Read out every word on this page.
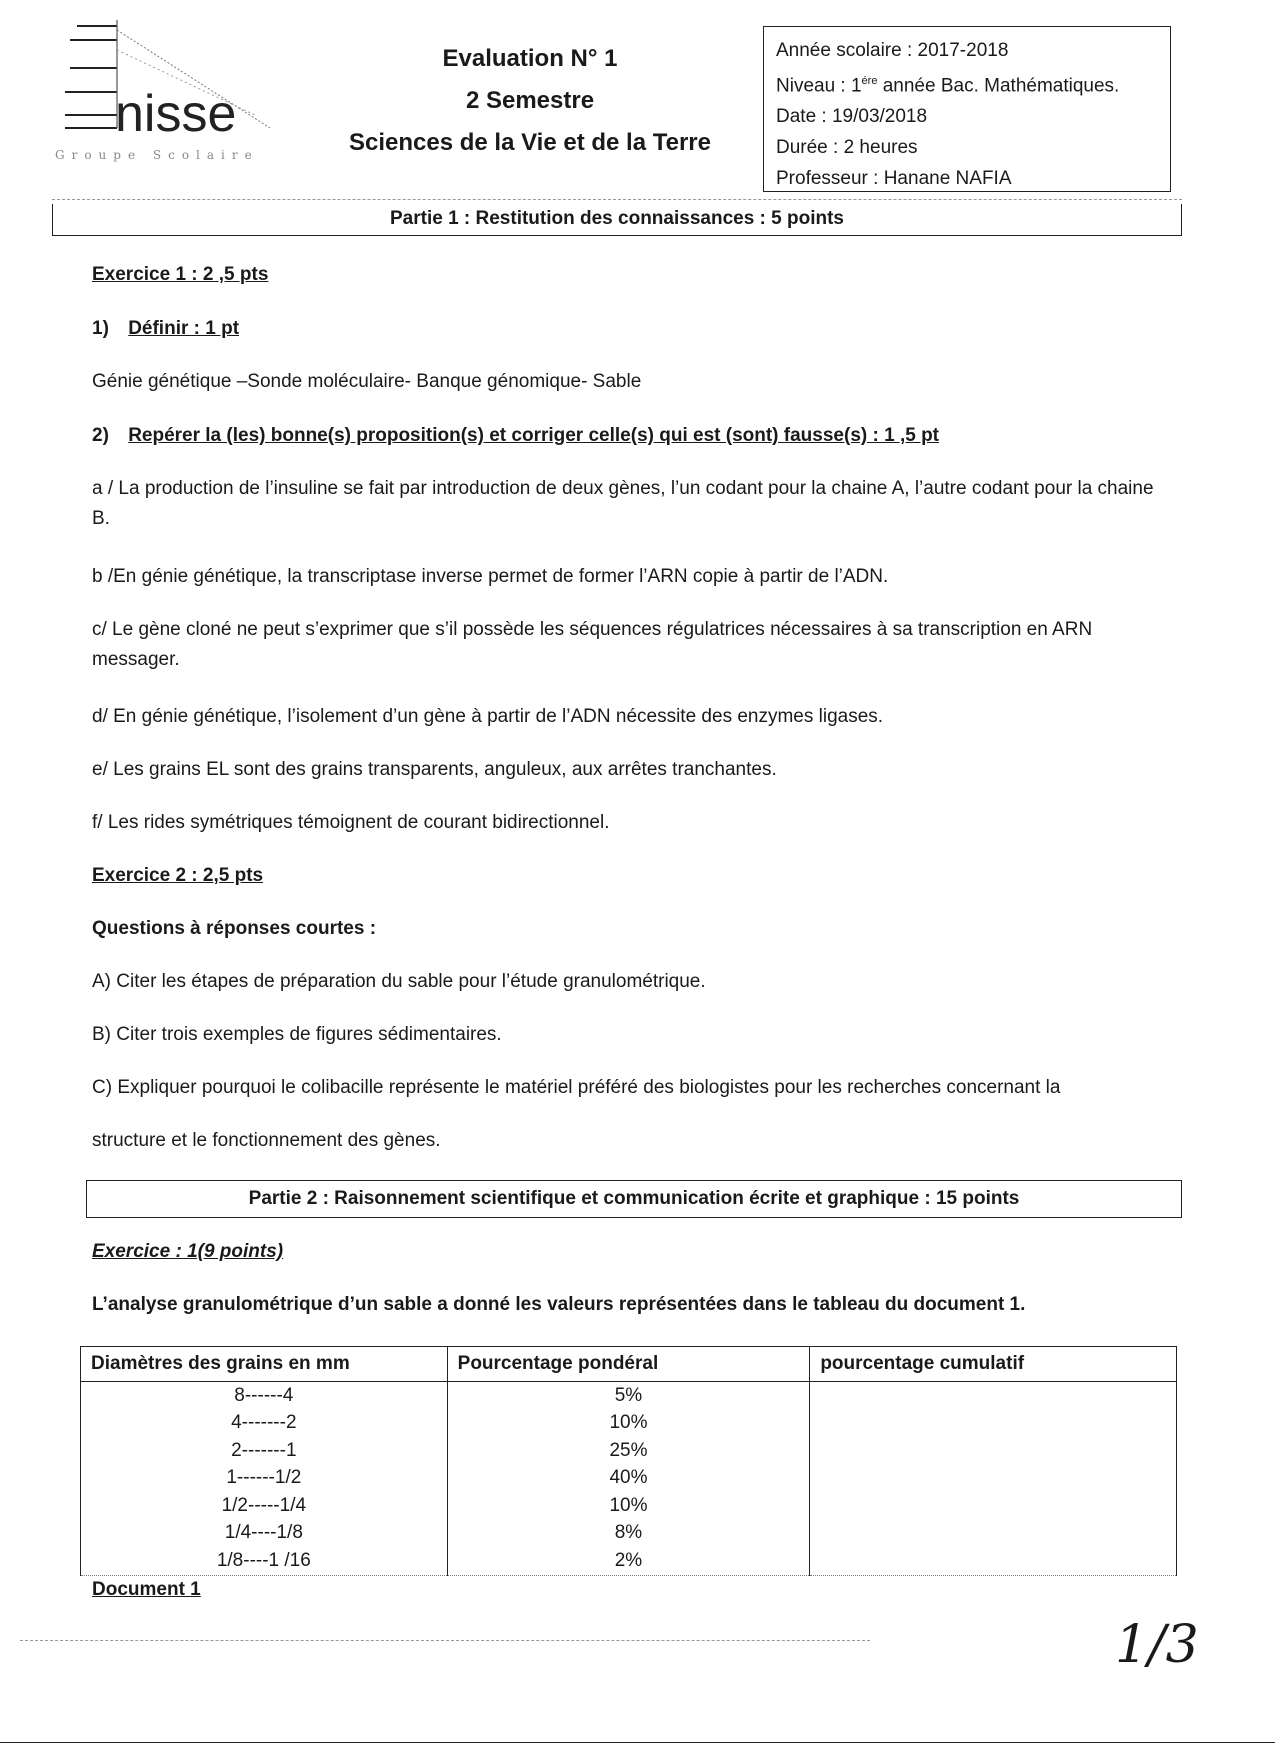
nisse
Groupe Scolaire
Evaluation N° 1
2 Semestre
Sciences de la Vie et de la Terre
Année scolaire : 2017-2018
Niveau : $1^{ére}$ année Bac. Mathématiques.
Date : 19/03/2018
Durée : 2 heures
Professeur : Hanane NAFIA
Partie 1 : Restitution des connaissances : 5 points
Exercice 1 : 2 ,5 pts
1) Définir : 1 pt
Génie génétique –Sonde moléculaire- Banque génomique- Sable
2) Repérer la (les) bonne(s) proposition(s) et corriger celle(s) qui est (sont) fausse(s) : 1 ,5 pt
a / La production de l’insuline se fait par introduction de deux gènes, l’un codant pour la chaine A, l’autre codant pour la chaine B.
b /En génie génétique, la transcriptase inverse permet de former l’ARN copie à partir de l’ADN.
c/ Le gène cloné ne peut s’exprimer que s’il possède les séquences régulatrices nécessaires à sa transcription en ARN messager.
d/ En génie génétique, l’isolement d’un gène à partir de l’ADN nécessite des enzymes ligases.
e/ Les grains EL sont des grains transparents, anguleux, aux arrêtes tranchantes.
f/ Les rides symétriques témoignent de courant bidirectionnel.
Exercice 2 : 2,5 pts
Questions à réponses courtes :
A) Citer les étapes de préparation du sable pour l’étude granulométrique.
B) Citer trois exemples de figures sédimentaires.
C) Expliquer pourquoi le colibacille représente le matériel préféré des biologistes pour les recherches concernant la
structure et le fonctionnement des gènes.
Partie 2 : Raisonnement scientifique et communication écrite et graphique : 15 points
Exercice : 1(9 points)
L’analyse granulométrique d’un sable a donné les valeurs représentées dans le tableau du document 1.
Diamètres des grains en mm	Pourcentage pondéral	pourcentage cumulatif
8------4	5%	
4-------2	10%	
2-------1	25%	
1------1/2	40%	
1/2-----1/4	10%	
1/4----1/8	8%	
1/8----1 /16	2%	
Document 1
1/3
